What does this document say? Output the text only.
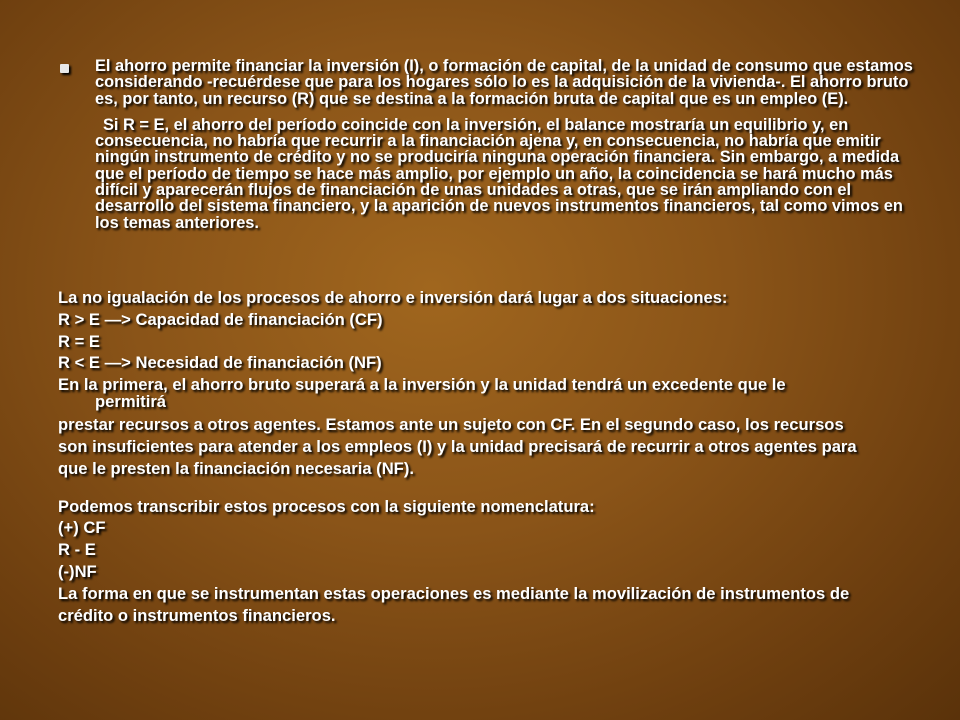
El ahorro permite financiar la inversión (I), o formación de capital, de la unidad de consumo que estamos considerando -recuérdese que para los hogares sólo lo es la adquisición de la vivienda-. El ahorro bruto es, por tanto, un recurso (R) que se destina a la formación bruta de capital que es un empleo (E).

Si R = E, el ahorro del período coincide con la inversión, el balance mostraría un equilibrio y, en consecuencia, no habría que recurrir a la financiación ajena y, en consecuencia, no habría que emitir ningún instrumento de crédito y no se produciría ninguna operación financiera. Sin embargo, a medida que el período de tiempo se hace más amplio, por ejemplo un año, la coincidencia se hará mucho más difícil y aparecerán flujos de financiación de unas unidades a otras, que se irán ampliando con el desarrollo del sistema financiero, y la aparición de nuevos instrumentos financieros, tal como vimos en los temas anteriores.

La no igualación de los procesos de ahorro e inversión dará lugar a dos situaciones:

R > E —> Capacidad de financiación (CF)

R = E

R < E —> Necesidad de financiación (NF)

En la primera, el ahorro bruto superará a la inversión y la unidad tendrá un excedente que le
permitirá

prestar recursos a otros agentes. Estamos ante un sujeto con CF. En el segundo caso, los recursos

son insuficientes para atender a los empleos (I) y la unidad precisará de recurrir a otros agentes para

que le presten la financiación necesaria (NF).

Podemos transcribir estos procesos con la siguiente nomenclatura:

(+) CF

R - E

(-)NF

La forma en que se instrumentan estas operaciones es mediante la movilización de instrumentos de

crédito o instrumentos financieros.
